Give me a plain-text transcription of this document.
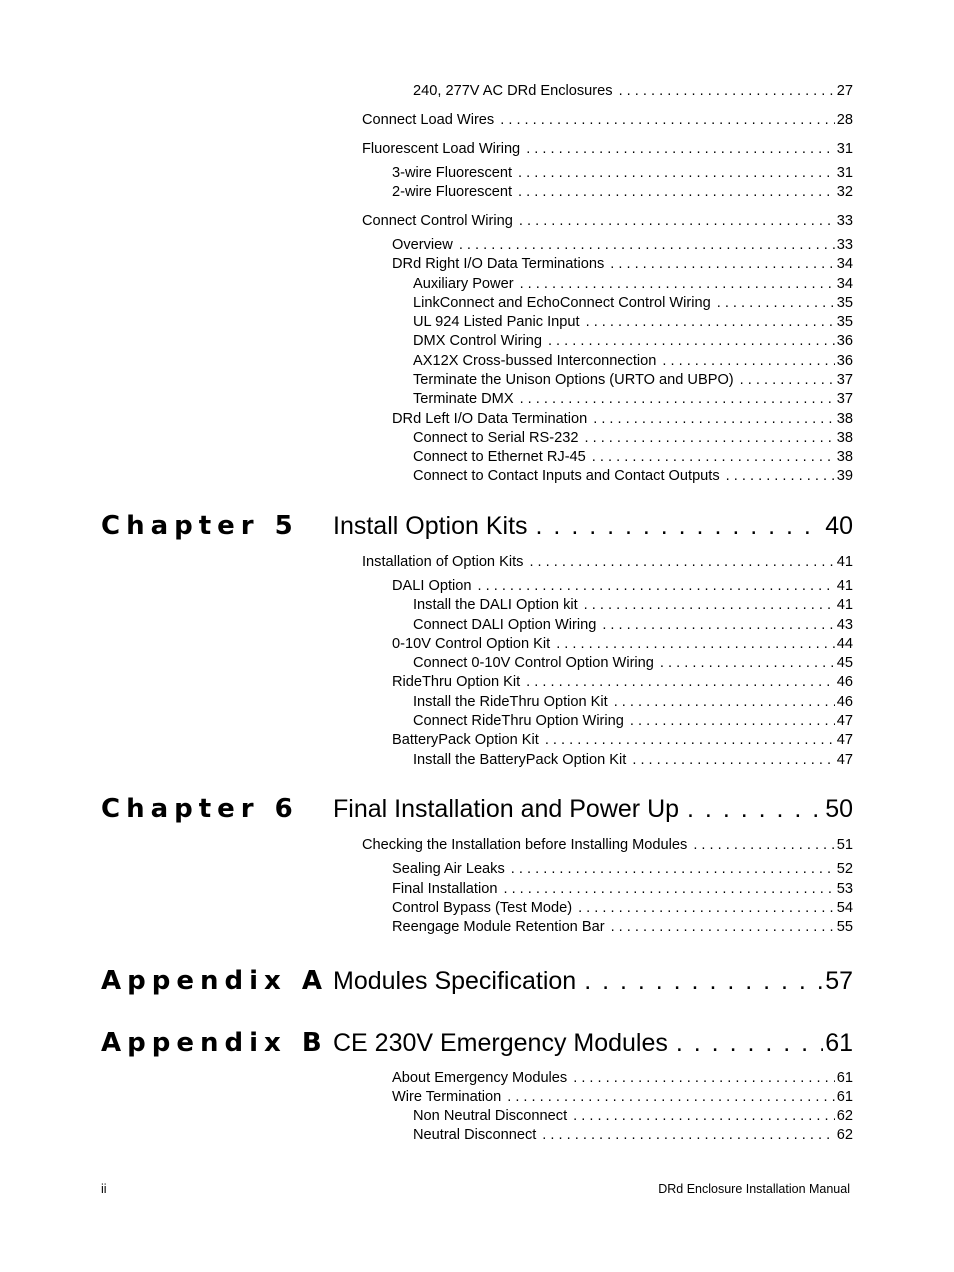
Chapter 5 Install Option Kits . . .	40
Chapter 6 Final Installation and Power Up . . .	50
Appendix A Modules Specification . . .	57
Appendix B CE 230V Emergency Modules . . .	61
240, 277V AC DRd Enclosures . . .	27
Connect Load Wires . . .	28
Fluorescent Load Wiring . . .	31
3-wire Fluorescent . . .	31
2-wire Fluorescent . . .	32
Connect Control Wiring . . .	33
Overview . . .	33
DRd Right I/O Data Terminations . . .	34
Auxiliary Power . . .	34
LinkConnect and EchoConnect Control Wiring . . .	35
UL 924 Listed Panic Input . . .	35
DMX Control Wiring . . .	36
AX12X Cross-bussed Interconnection . . .	36
Terminate the Unison Options (URTO and UBPO) . . .	37
Terminate DMX . . .	37
DRd Left I/O Data Termination . . .	38
Connect to Serial RS-232 . . .	38
Connect to Ethernet RJ-45 . . .	38
Connect to Contact Inputs and Contact Outputs . . .	39
Installation of Option Kits . . .	41
DALI Option . . .	41
Install the DALI Option kit . . .	41
Connect DALI Option Wiring . . .	43
0-10V Control Option Kit . . .	44
Connect 0-10V Control Option Wiring . . .	45
RideThru Option Kit . . .	46
Install the RideThru Option Kit . . .	46
Connect RideThru Option Wiring . . .	47
BatteryPack Option Kit . . .	47
Install the BatteryPack Option Kit . . .	47
Checking the Installation before Installing Modules . . .	51
Sealing Air Leaks . . .	52
Final Installation . . .	53
Control Bypass (Test Mode) . . .	54
Reengage Module Retention Bar . . .	55
About Emergency Modules . . .	61
Wire Termination . . .	61
Non Neutral Disconnect . . .	62
Neutral Disconnect . . .	62
ii	DRd Enclosure Installation Manual
